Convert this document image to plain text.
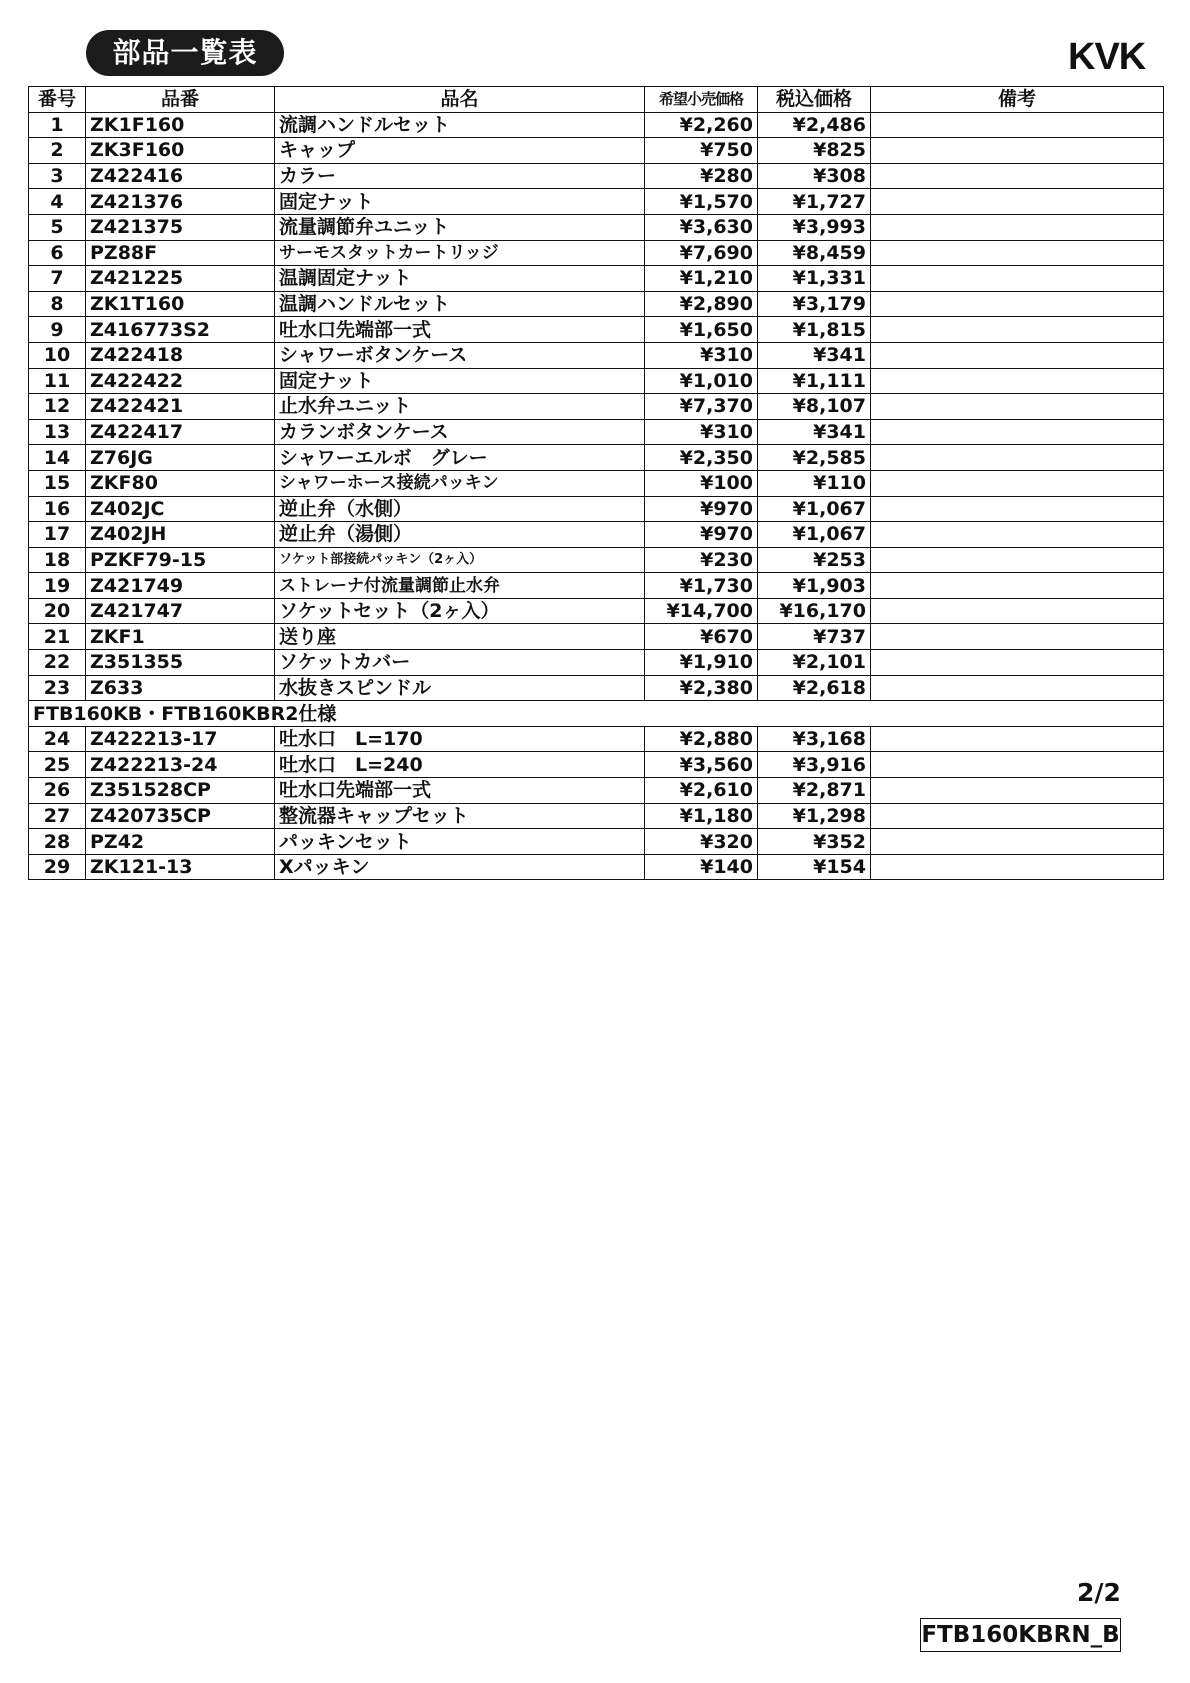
部品一覧表	KVK
番号	品番	品名	希望小売価格	税込価格	備考
1	ZK1F160	流調ハンドルセット	¥2,260	¥2,486	
2	ZK3F160	キャップ	¥750	¥825	
3	Z422416	カラー	¥280	¥308	
4	Z421376	固定ナット	¥1,570	¥1,727	
5	Z421375	流量調節弁ユニット	¥3,630	¥3,993	
6	PZ88F	サーモスタットカートリッジ	¥7,690	¥8,459	
7	Z421225	温調固定ナット	¥1,210	¥1,331	
8	ZK1T160	温調ハンドルセット	¥2,890	¥3,179	
9	Z416773S2	吐水口先端部一式	¥1,650	¥1,815	
10	Z422418	シャワーボタンケース	¥310	¥341	
11	Z422422	固定ナット	¥1,010	¥1,111	
12	Z422421	止水弁ユニット	¥7,370	¥8,107	
13	Z422417	カランボタンケース	¥310	¥341	
14	Z76JG	シャワーエルボ　グレー	¥2,350	¥2,585	
15	ZKF80	シャワーホース接続パッキン	¥100	¥110	
16	Z402JC	逆止弁（水側）	¥970	¥1,067	
17	Z402JH	逆止弁（湯側）	¥970	¥1,067	
18	PZKF79-15	ソケット部接続パッキン（2ヶ入）	¥230	¥253	
19	Z421749	ストレーナ付流量調節止水弁	¥1,730	¥1,903	
20	Z421747	ソケットセット（2ヶ入）	¥14,700	¥16,170	
21	ZKF1	送り座	¥670	¥737	
22	Z351355	ソケットカバー	¥1,910	¥2,101	
23	Z633	水抜きスピンドル	¥2,380	¥2,618	
FTB160KB・FTB160KBR2仕様					
24	Z422213-17	吐水口　L=170	¥2,880	¥3,168	
25	Z422213-24	吐水口　L=240	¥3,560	¥3,916	
26	Z351528CP	吐水口先端部一式	¥2,610	¥2,871	
27	Z420735CP	整流器キャップセット	¥1,180	¥1,298	
28	PZ42	パッキンセット	¥320	¥352	
29	ZK121-13	Xパッキン	¥140	¥154	
2/2
FTB160KBRN_B
